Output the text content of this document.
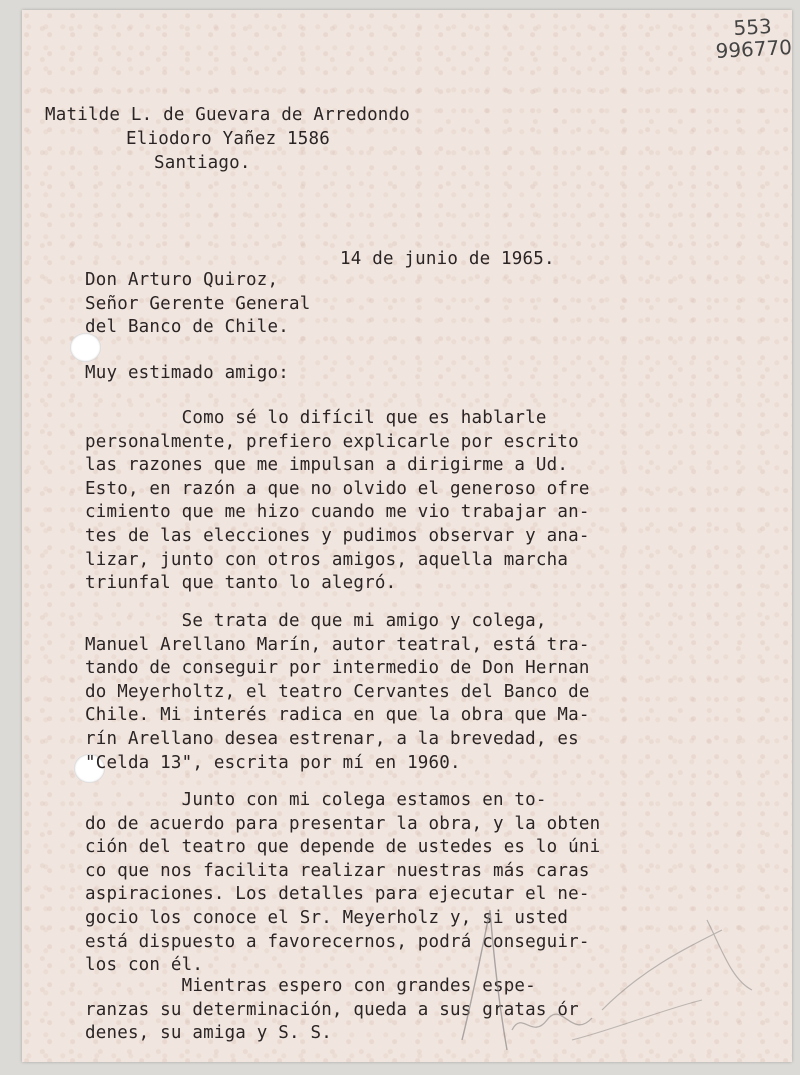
553
996770
Matilde L. de Guevara de Arredondo
Eliodoro Yañez 1586
Santiago.
14 de junio de 1965.
Don Arturo Quiroz,
Señor Gerente General
del Banco de Chile.
Muy estimado amigo:
Como sé lo difícil que es hablarle
personalmente, prefiero explicarle por escrito
las razones que me impulsan a dirigirme a Ud.
Esto, en razón a que no olvido el generoso ofre
cimiento que me hizo cuando me vio trabajar an-
tes de las elecciones y pudimos observar y ana-
lizar, junto con otros amigos, aquella marcha
triunfal que tanto lo alegró.
Se trata de que mi amigo y colega,
Manuel Arellano Marín, autor teatral, está tra-
tando de conseguir por intermedio de Don Hernan
do Meyerholtz, el teatro Cervantes del Banco de
Chile. Mi interés radica en que la obra que Ma-
rín Arellano desea estrenar, a la brevedad, es
"Celda 13", escrita por mí en 1960.
Junto con mi colega estamos en to-
do de acuerdo para presentar la obra, y la obten
ción del teatro que depende de ustedes es lo úni
co que nos facilita realizar nuestras más caras
aspiraciones. Los detalles para ejecutar el ne-
gocio los conoce el Sr. Meyerholz y, si usted
está dispuesto a favorecernos, podrá conseguir-
los con él.
Mientras espero con grandes espe-
ranzas su determinación, queda a sus gratas ór
denes, su amiga y S. S.
